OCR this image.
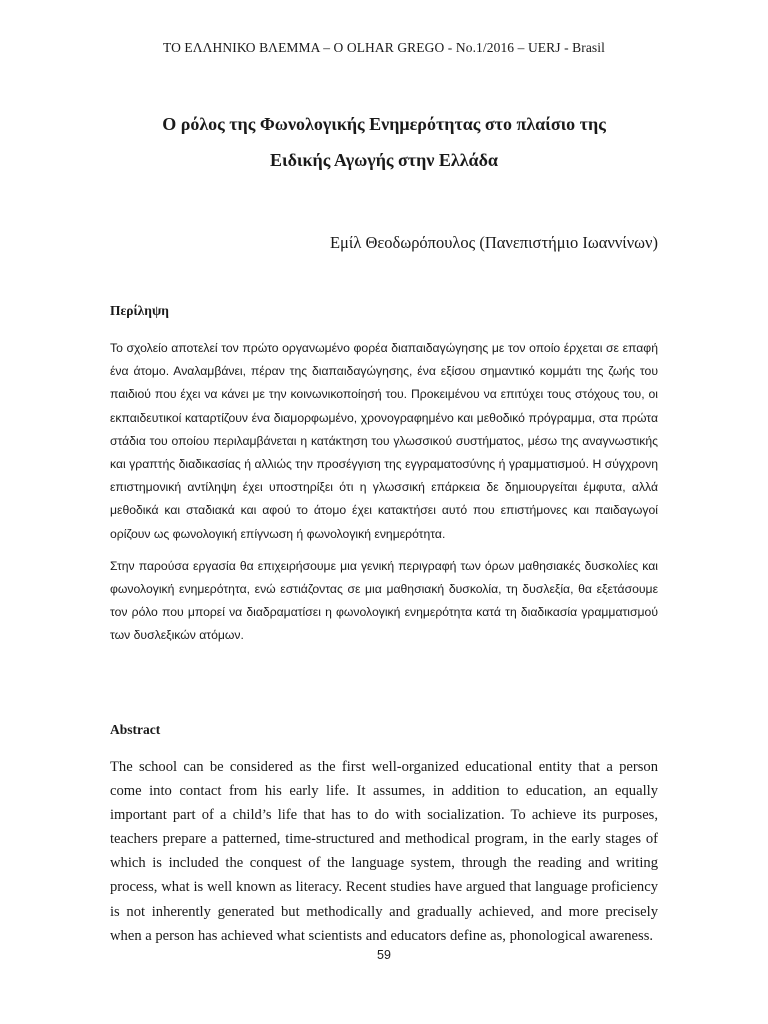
ΤΟ ΕΛΛΗΝΙΚΟ ΒΛΕΜΜΑ – O OLHAR GREGO - No.1/2016 – UERJ - Brasil
Ο ρόλος της Φωνολογικής Ενημερότητας στο πλαίσιο της
Ειδικής Αγωγής στην Ελλάδα
Εμίλ Θεοδωρόπουλος (Πανεπιστήμιο Ιωαννίνων)
Περίληψη

Το σχολείο αποτελεί τον πρώτο οργανωμένο φορέα διαπαιδαγώγησης με τον οποίο έρχεται σε επαφή ένα άτομο. Αναλαμβάνει, πέραν της διαπαιδαγώγησης, ένα εξίσου σημαντικό κομμάτι της ζωής του παιδιού που έχει να κάνει με την κοινωνικοποίησή του. Προκειμένου να επιτύχει τους στόχους του, οι εκπαιδευτικοί καταρτίζουν ένα διαμορφωμένο, χρονογραφημένο και μεθοδικό πρόγραμμα, στα πρώτα στάδια του οποίου περιλαμβάνεται η κατάκτηση του γλωσσικού συστήματος, μέσω της αναγνωστικής και γραπτής διαδικασίας ή αλλιώς την προσέγγιση της εγγραματοσύνης ή γραμματισμού. Η σύγχρονη επιστημονική αντίληψη έχει υποστηρίξει ότι η γλωσσική επάρκεια δε δημιουργείται έμφυτα, αλλά μεθοδικά και σταδιακά και αφού το άτομο έχει κατακτήσει αυτό που επιστήμονες και παιδαγωγοί ορίζουν ως φωνολογική επίγνωση ή φωνολογική ενημερότητα.

Στην παρούσα εργασία θα επιχειρήσουμε μια γενική περιγραφή των όρων μαθησιακές δυσκολίες και φωνολογική ενημερότητα, ενώ εστιάζοντας σε μια μαθησιακή δυσκολία, τη δυσλεξία, θα εξετάσουμε τον ρόλο που μπορεί να διαδραματίσει η φωνολογική ενημερότητα κατά τη διαδικασία γραμματισμού των δυσλεξικών ατόμων.

Abstract

The school can be considered as the first well-organized educational entity that a person come into contact from his early life. It assumes, in addition to education, an equally important part of a child’s life that has to do with socialization. To achieve its purposes, teachers prepare a patterned, time-structured and methodical program, in the early stages of which is included the conquest of the language system, through the reading and writing process, what is well known as literacy. Recent studies have argued that language proficiency is not inherently generated but methodically and gradually achieved, and more precisely when a person has achieved what scientists and educators define as, phonological awareness.

59
